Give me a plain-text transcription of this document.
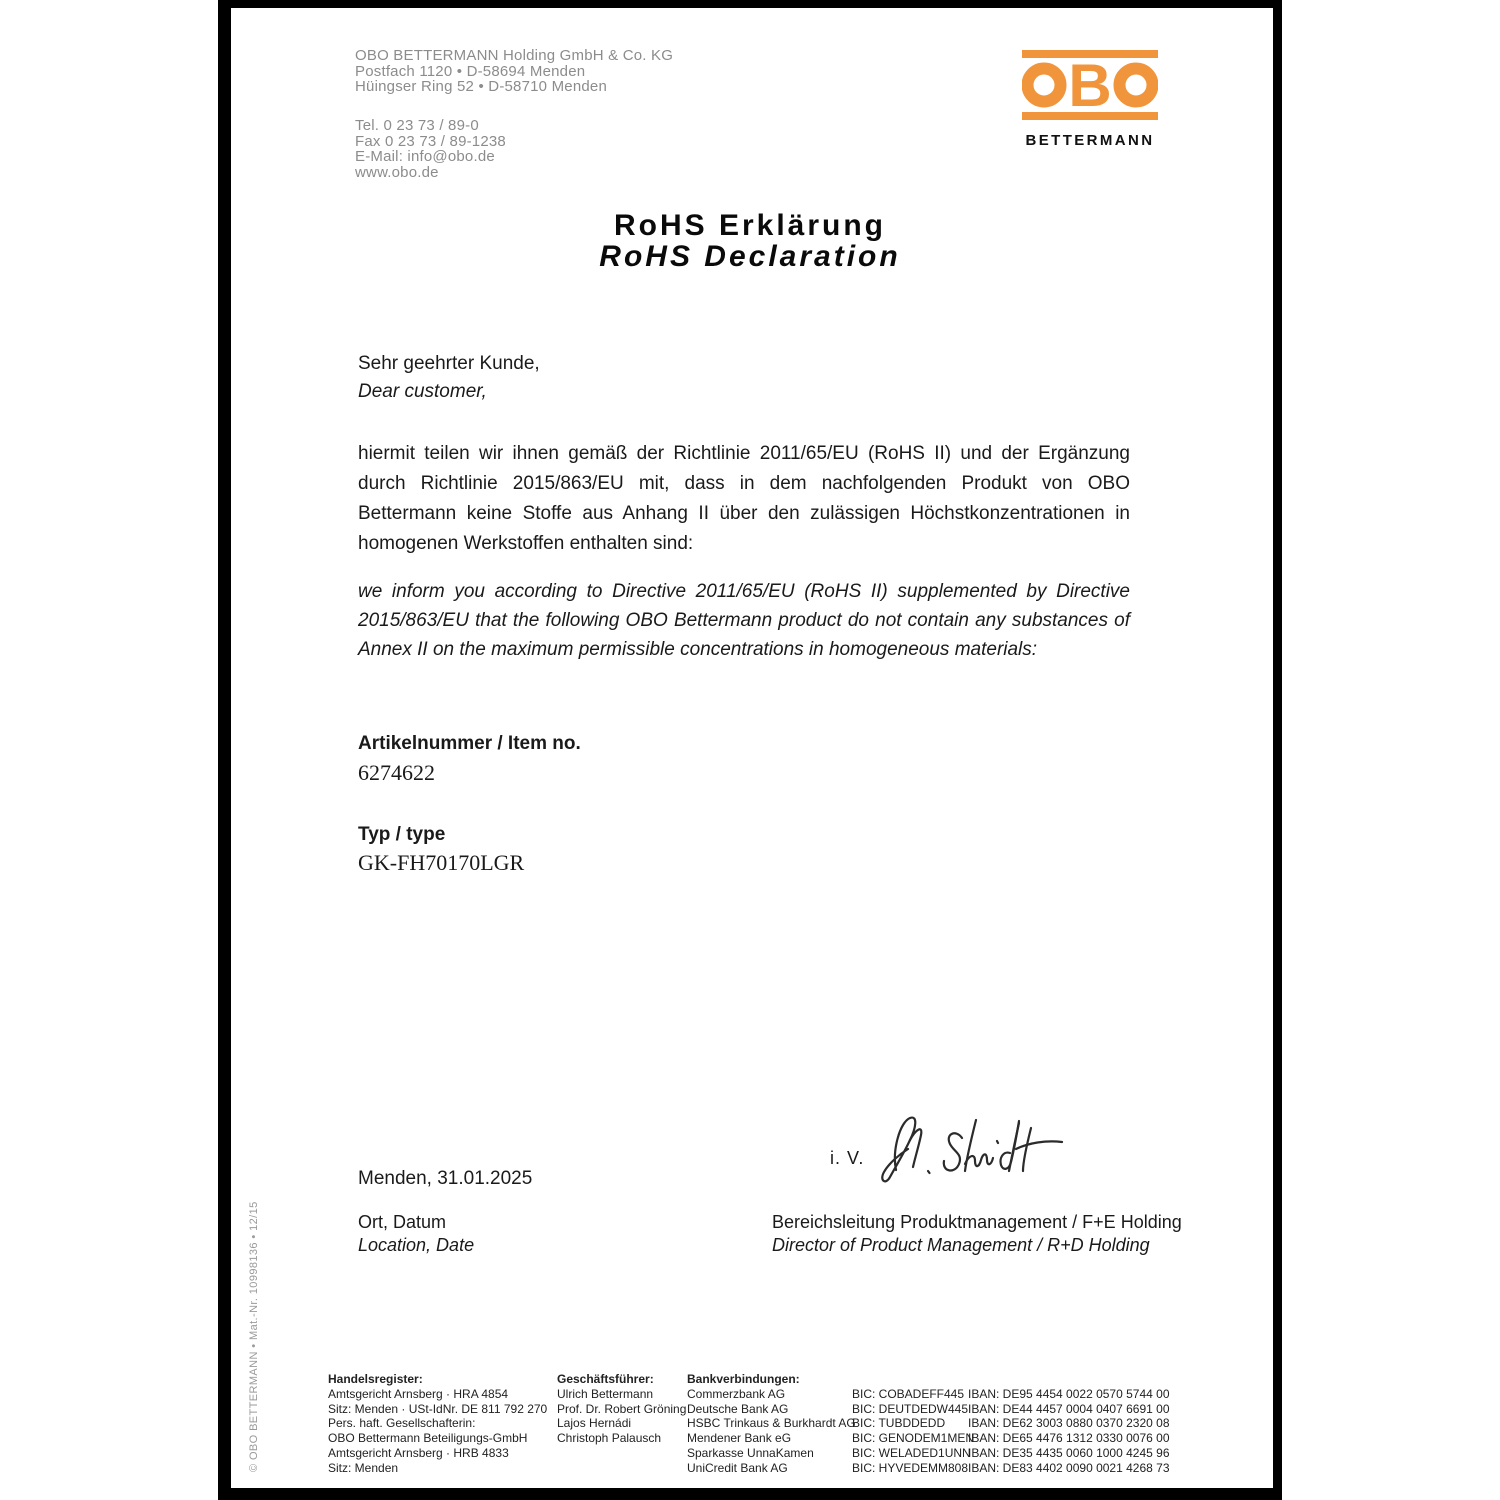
OBO BETTERMANN Holding GmbH & Co. KG
Postfach 1120 • D-58694 Menden
Hüingser Ring 52 • D-58710 Menden
Tel. 0 23 73 / 89-0
Fax 0 23 73 / 89-1238
E-Mail: info@obo.de
www.obo.de
B
BETTERMANN
RoHS Erklärung
RoHS Declaration
Sehr geehrter Kunde,
Dear customer,
hiermit teilen wir ihnen gemäß der Richtlinie 2011/65/EU (RoHS II) und der Ergänzung durch Richtlinie 2015/863/EU mit, dass in dem nachfolgenden Produkt von OBO Bettermann keine Stoffe aus Anhang II über den zulässigen Höchstkonzentrationen in homogenen Werkstoffen enthalten sind:
we inform you according to Directive 2011/65/EU (RoHS II) supplemented by Directive 2015/863/EU that the following OBO Bettermann product do not contain any substances of Annex II on the maximum permissible concentrations in homogeneous materials:
Artikelnummer / Item no.
6274622
Typ / type
GK-FH70170LGR
i. V.
Menden, 31.01.2025
Ort, Datum
Location, Date
Bereichsleitung Produktmanagement / F+E Holding
Director of Product Management / R+D Holding
Handelsregister:
Amtsgericht Arnsberg · HRA 4854
Sitz: Menden · USt-IdNr. DE 811 792 270
Pers. haft. Gesellschafterin:
OBO Bettermann Beteiligungs-GmbH
Amtsgericht Arnsberg · HRB 4833
Sitz: Menden
Geschäftsführer:
Ulrich Bettermann
Prof. Dr. Robert Gröning
Lajos Hernádi
Christoph Palausch
Bankverbindungen:
Commerzbank AG
Deutsche Bank AG
HSBC Trinkaus & Burkhardt AG
Mendener Bank eG
Sparkasse UnnaKamen
UniCredit Bank AG
BIC: COBADEFF445
BIC: DEUTDEDW445
BIC: TUBDDEDD
BIC: GENODEM1MEN
BIC: WELADED1UNN
BIC: HYVEDEMM808
IBAN: DE95 4454 0022 0570 5744 00
IBAN: DE44 4457 0004 0407 6691 00
IBAN: DE62 3003 0880 0370 2320 08
IBAN: DE65 4476 1312 0330 0076 00
IBAN: DE35 4435 0060 1000 4245 96
IBAN: DE83 4402 0090 0021 4268 73
© OBO BETTERMANN • Mat.-Nr. 10998136 • 12/15
